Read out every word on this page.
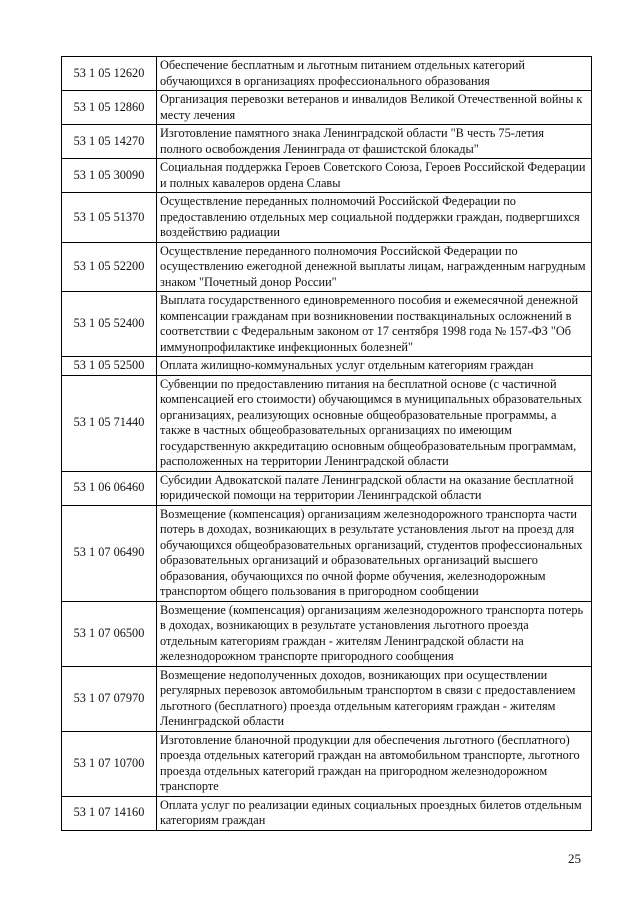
53 1 05 12620	Обеспечение бесплатным и льготным питанием отдельных категорий обучающихся в организациях профессионального образования
53 1 05 12860	Организация перевозки ветеранов и инвалидов Великой Отечественной войны к месту лечения
53 1 05 14270	Изготовление памятного знака Ленинградской области "В честь 75-летия полного освобождения Ленинграда от фашистской блокады"
53 1 05 30090	Социальная поддержка Героев Советского Союза, Героев Российской Федерации и полных кавалеров ордена Славы
53 1 05 51370	Осуществление переданных полномочий Российской Федерации по предоставлению отдельных мер социальной поддержки граждан, подвергшихся воздействию радиации
53 1 05 52200	Осуществление переданного полномочия Российской Федерации по осуществлению ежегодной денежной выплаты лицам, награжденным нагрудным знаком "Почетный донор России"
53 1 05 52400	Выплата государственного единовременного пособия и ежемесячной денежной компенсации гражданам при возникновении поствакцинальных осложнений в соответствии с Федеральным законом от 17 сентября 1998 года № 157-ФЗ "Об иммунопрофилактике инфекционных болезней"
53 1 05 52500	Оплата жилищно-коммунальных услуг отдельным категориям граждан
53 1 05 71440	Субвенции по предоставлению питания на бесплатной основе (с частичной компенсацией его стоимости) обучающимся в муниципальных образовательных организациях, реализующих основные общеобразовательные программы, а также в частных общеобразовательных организациях по имеющим государственную аккредитацию основным общеобразовательным программам, расположенных на территории Ленинградской области
53 1 06 06460	Субсидии Адвокатской палате Ленинградской области на оказание бесплатной юридической помощи на территории Ленинградской области
53 1 07 06490	Возмещение (компенсация) организациям железнодорожного транспорта части потерь в доходах, возникающих в результате установления льгот на проезд для обучающихся общеобразовательных организаций, студентов профессиональных образовательных организаций и образовательных организаций высшего образования, обучающихся по очной форме обучения, железнодорожным транспортом общего пользования в пригородном сообщении
53 1 07 06500	Возмещение (компенсация) организациям железнодорожного транспорта потерь в доходах, возникающих в результате установления льготного проезда отдельным категориям граждан - жителям Ленинградской области на железнодорожном транспорте пригородного сообщения
53 1 07 07970	Возмещение недополученных доходов, возникающих при осуществлении регулярных перевозок автомобильным транспортом в связи с предоставлением льготного (бесплатного) проезда отдельным категориям граждан - жителям Ленинградской области
53 1 07 10700	Изготовление бланочной продукции для обеспечения льготного (бесплатного) проезда отдельных категорий граждан на автомобильном транспорте, льготного проезда отдельных категорий граждан на пригородном железнодорожном транспорте
53 1 07 14160	Оплата услуг по реализации единых социальных проездных билетов отдельным категориям граждан
25
